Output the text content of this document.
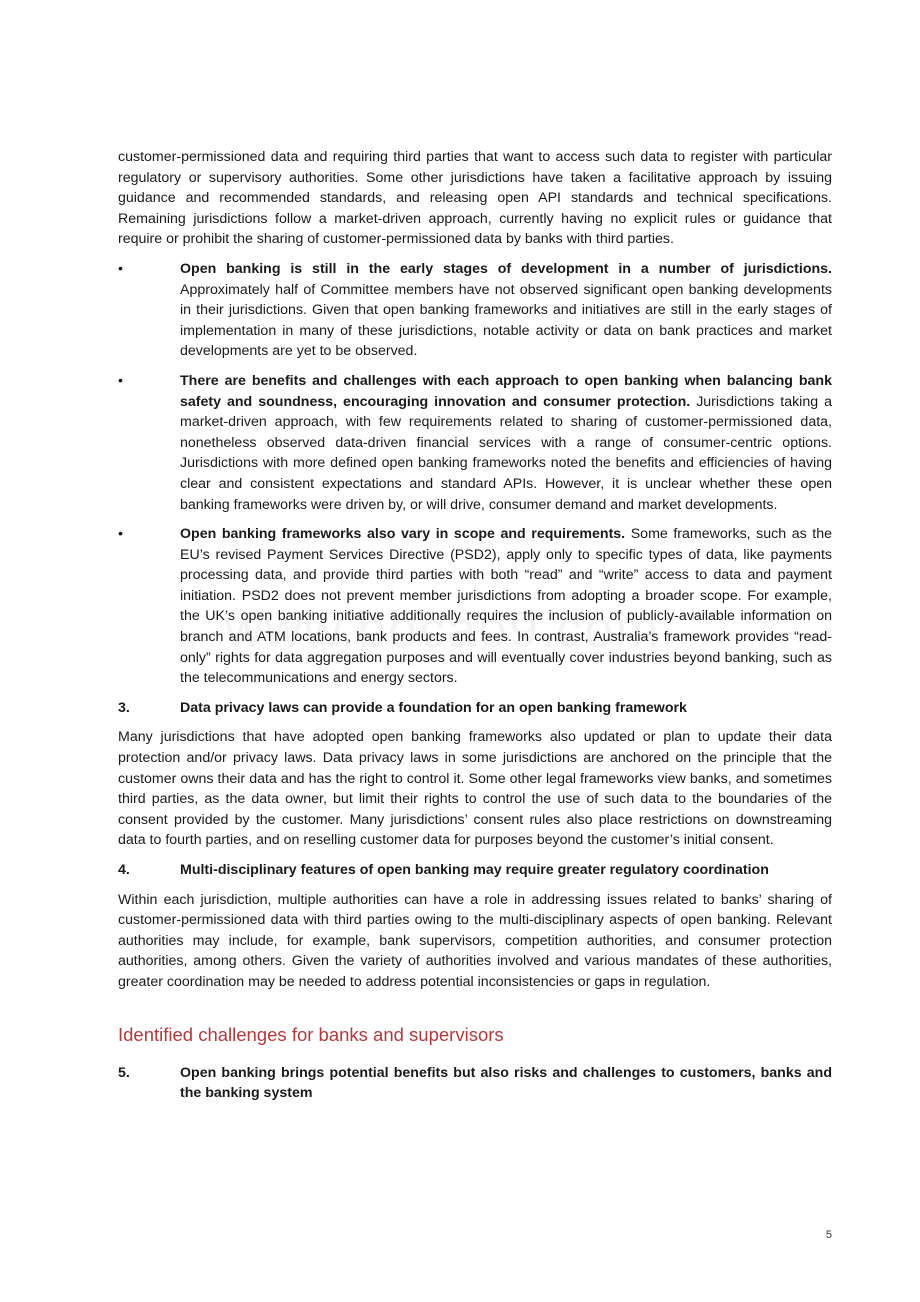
customer-permissioned data and requiring third parties that want to access such data to register with particular regulatory or supervisory authorities. Some other jurisdictions have taken a facilitative approach by issuing guidance and recommended standards, and releasing open API standards and technical specifications. Remaining jurisdictions follow a market-driven approach, currently having no explicit rules or guidance that require or prohibit the sharing of customer-permissioned data by banks with third parties.

•	Open banking is still in the early stages of development in a number of jurisdictions. Approximately half of Committee members have not observed significant open banking developments in their jurisdictions. Given that open banking frameworks and initiatives are still in the early stages of implementation in many of these jurisdictions, notable activity or data on bank practices and market developments are yet to be observed.
•	There are benefits and challenges with each approach to open banking when balancing bank safety and soundness, encouraging innovation and consumer protection. Jurisdictions taking a market-driven approach, with few requirements related to sharing of customer-permissioned data, nonetheless observed data-driven financial services with a range of consumer-centric options. Jurisdictions with more defined open banking frameworks noted the benefits and efficiencies of having clear and consistent expectations and standard APIs. However, it is unclear whether these open banking frameworks were driven by, or will drive, consumer demand and market developments.
•	Open banking frameworks also vary in scope and requirements. Some frameworks, such as the EU’s revised Payment Services Directive (PSD2), apply only to specific types of data, like payments processing data, and provide third parties with both “read” and “write” access to data and payment initiation. PSD2 does not prevent member jurisdictions from adopting a broader scope. For example, the UK’s open banking initiative additionally requires the inclusion of publicly-available information on branch and ATM locations, bank products and fees. In contrast, Australia’s framework provides “read-only” rights for data aggregation purposes and will eventually cover industries beyond banking, such as the telecommunications and energy sectors.
3.	Data privacy laws can provide a foundation for an open banking framework

Many jurisdictions that have adopted open banking frameworks also updated or plan to update their data protection and/or privacy laws. Data privacy laws in some jurisdictions are anchored on the principle that the customer owns their data and has the right to control it. Some other legal frameworks view banks, and sometimes third parties, as the data owner, but limit their rights to control the use of such data to the boundaries of the consent provided by the customer. Many jurisdictions’ consent rules also place restrictions on downstreaming data to fourth parties, and on reselling customer data for purposes beyond the customer’s initial consent.

4.	Multi-disciplinary features of open banking may require greater regulatory coordination

Within each jurisdiction, multiple authorities can have a role in addressing issues related to banks’ sharing of customer-permissioned data with third parties owing to the multi-disciplinary aspects of open banking. Relevant authorities may include, for example, bank supervisors, competition authorities, and consumer protection authorities, among others. Given the variety of authorities involved and various mandates of these authorities, greater coordination may be needed to address potential inconsistencies or gaps in regulation.

Identified challenges for banks and supervisors
5.	Open banking brings potential benefits but also risks and challenges to customers, banks and the banking system
5
